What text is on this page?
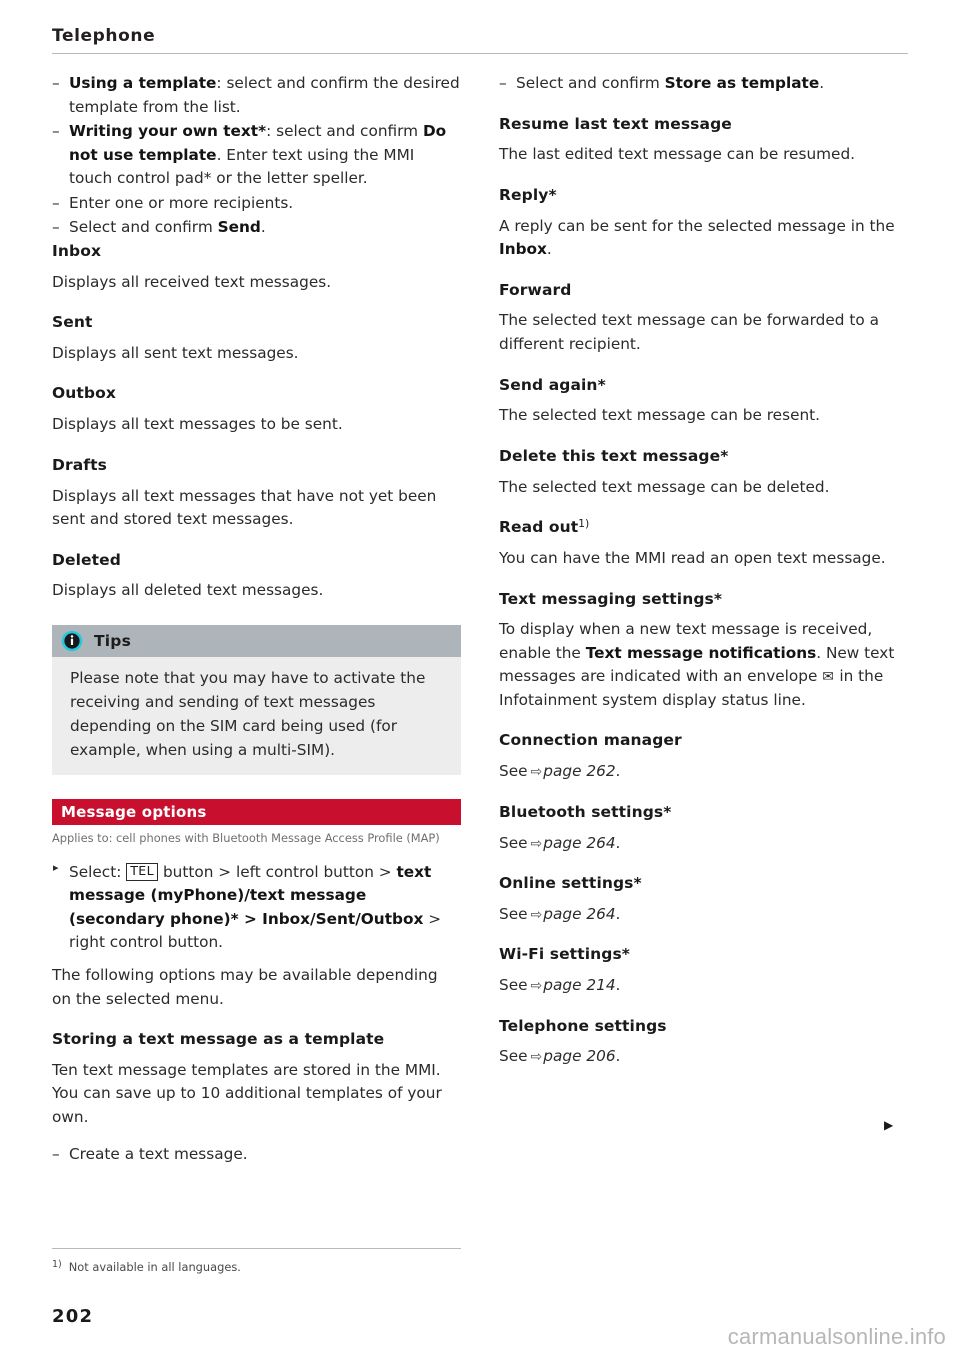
Telephone
– Using a template: select and confirm the desired template from the list.
– Writing your own text*: select and confirm Do not use template. Enter text using the MMI touch control pad* or the letter speller.
– Enter one or more recipients.
– Select and confirm Send.
Inbox
Displays all received text messages.
Sent
Displays all sent text messages.
Outbox
Displays all text messages to be sent.
Drafts
Displays all text messages that have not yet been sent and stored text messages.
Deleted
Displays all deleted text messages.
Tips
Please note that you may have to activate the receiving and sending of text messages depending on the SIM card being used (for example, when using a multi-SIM).
Message options
Applies to: cell phones with Bluetooth Message Access Profile (MAP)
▸ Select: TEL button > left control button > text message (myPhone)/text message (secondary phone)* > Inbox/Sent/Outbox > right control button.
The following options may be available depending on the selected menu.
Storing a text message as a template
Ten text message templates are stored in the MMI. You can save up to 10 additional templates of your own.
– Create a text message.
– Select and confirm Store as template.
Resume last text message
The last edited text message can be resumed.
Reply*
A reply can be sent for the selected message in the Inbox.
Forward
The selected text message can be forwarded to a different recipient.
Send again*
The selected text message can be resent.
Delete this text message*
The selected text message can be deleted.
Read out$^{1)}$
You can have the MMI read an open text message.
Text messaging settings*
To display when a new text message is received, enable the Text message notifications. New text messages are indicated with an envelope ✉ in the Infotainment system display status line.
Connection manager
See ⇨page 262.
Bluetooth settings*
See ⇨page 264.
Online settings*
See ⇨page 264.
Wi-Fi settings*
See ⇨page 214.
Telephone settings
See ⇨page 206.
▶
$^{1)}$ Not available in all languages.
202
carmanualsonline.info
